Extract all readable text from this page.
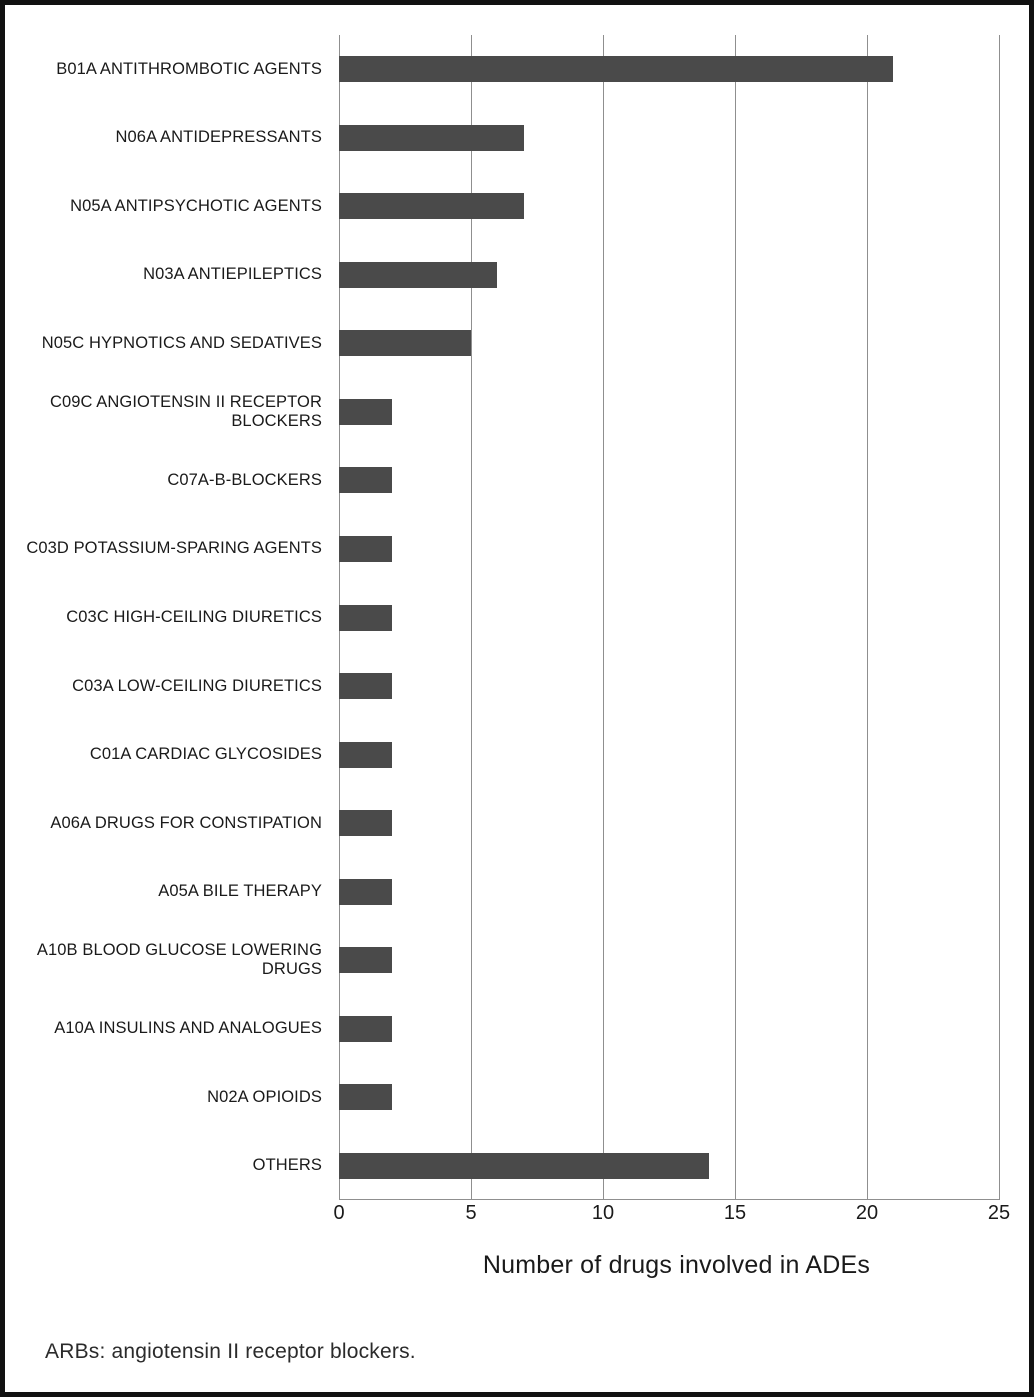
B01A ANTITHROMBOTIC AGENTS
N06A ANTIDEPRESSANTS
N05A ANTIPSYCHOTIC AGENTS
N03A ANTIEPILEPTICS
N05C HYPNOTICS AND SEDATIVES
C09C ANGIOTENSIN II RECEPTOR BLOCKERS
C07A-B-BLOCKERS
C03D POTASSIUM-SPARING AGENTS
C03C HIGH-CEILING DIURETICS
C03A LOW-CEILING DIURETICS
C01A CARDIAC GLYCOSIDES
A06A DRUGS FOR CONSTIPATION
A05A BILE THERAPY
A10B BLOOD GLUCOSE LOWERING DRUGS
A10A INSULINS AND ANALOGUES
N02A OPIOIDS
OTHERS
0	5	10	15	20	25
Number of drugs involved in ADEs
ARBs: angiotensin II receptor blockers.
